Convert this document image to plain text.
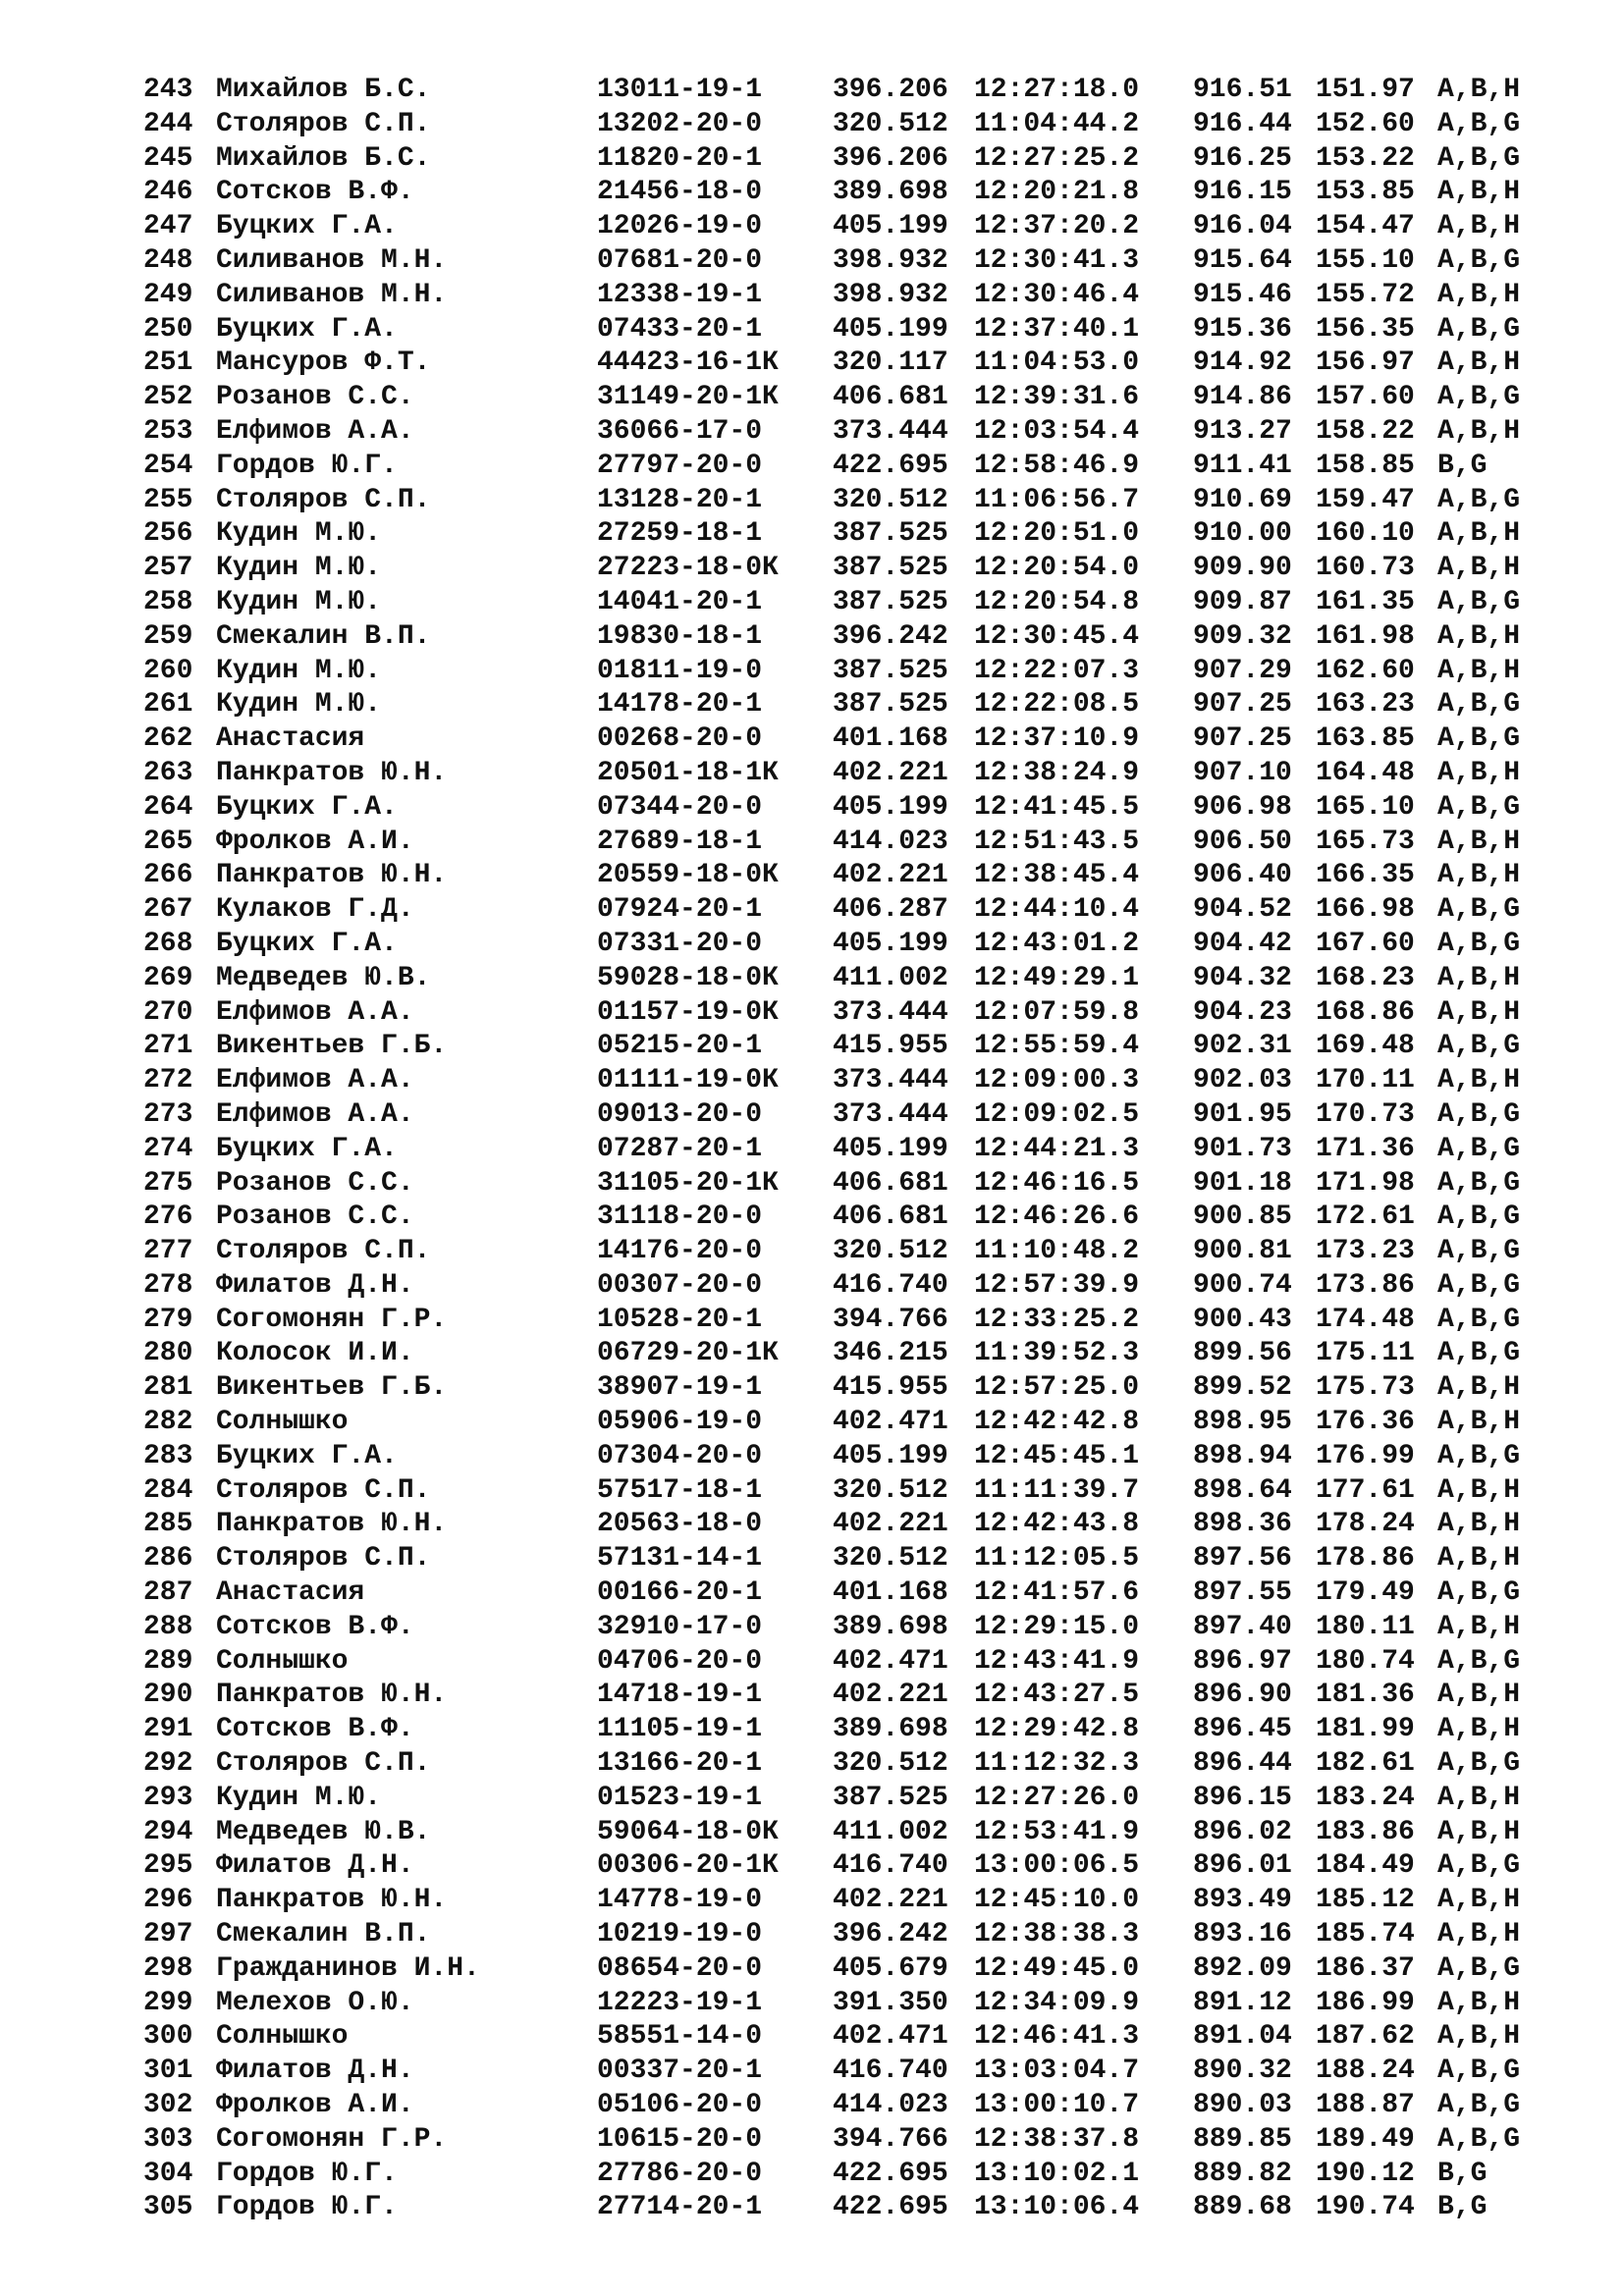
243 Михайлов Б.С.	13011-19-1	396.206 12:27:18.0 916.51 151.97 A,B,H
244 Столяров С.П.	13202-20-0	320.512 11:04:44.2 916.44 152.60 A,B,G
245 Михайлов Б.С.	11820-20-1	396.206 12:27:25.2 916.25 153.22 A,B,G
246 Сотсков В.Ф.	21456-18-0	389.698 12:20:21.8 916.15 153.85 A,B,H
247 Буцких Г.А.	12026-19-0	405.199 12:37:20.2 916.04 154.47 A,B,H
248 Силиванов М.Н.	07681-20-0	398.932 12:30:41.3 915.64 155.10 A,B,G
249 Силиванов М.Н.	12338-19-1	398.932 12:30:46.4 915.46 155.72 A,B,H
250 Буцких Г.А.	07433-20-1	405.199 12:37:40.1 915.36 156.35 A,B,G
251 Мансуров Ф.Т.	44423-16-1К 320.117 11:04:53.0 914.92 156.97 A,B,H
252 Розанов С.С.	31149-20-1К 406.681 12:39:31.6 914.86 157.60 A,B,G
253 Елфимов А.А.	36066-17-0	373.444 12:03:54.4 913.27 158.22 A,B,H
254 Гордов Ю.Г.	27797-20-0	422.695 12:58:46.9 911.41 158.85 B,G
255 Столяров С.П.	13128-20-1	320.512 11:06:56.7 910.69 159.47 A,B,G
256 Кудин М.Ю.	27259-18-1	387.525 12:20:51.0 910.00 160.10 A,B,H
257 Кудин М.Ю.	27223-18-0К 387.525 12:20:54.0 909.90 160.73 A,B,H
258 Кудин М.Ю.	14041-20-1	387.525 12:20:54.8 909.87 161.35 A,B,G
259 Смекалин В.П.	19830-18-1	396.242 12:30:45.4 909.32 161.98 A,B,H
260 Кудин М.Ю.	01811-19-0	387.525 12:22:07.3 907.29 162.60 A,B,H
261 Кудин М.Ю.	14178-20-1	387.525 12:22:08.5 907.25 163.23 A,B,G
262 Анастасия	00268-20-0	401.168 12:37:10.9 907.25 163.85 A,B,G
263 Панкратов Ю.Н.	20501-18-1К 402.221 12:38:24.9 907.10 164.48 A,B,H
264 Буцких Г.А.	07344-20-0	405.199 12:41:45.5 906.98 165.10 A,B,G
265 Фролков А.И.	27689-18-1	414.023 12:51:43.5 906.50 165.73 A,B,H
266 Панкратов Ю.Н.	20559-18-0К 402.221 12:38:45.4 906.40 166.35 A,B,H
267 Кулаков Г.Д.	07924-20-1	406.287 12:44:10.4 904.52 166.98 A,B,G
268 Буцких Г.А.	07331-20-0	405.199 12:43:01.2 904.42 167.60 A,B,G
269 Медведев Ю.В.	59028-18-0К 411.002 12:49:29.1 904.32 168.23 A,B,H
270 Елфимов А.А.	01157-19-0К 373.444 12:07:59.8 904.23 168.86 A,B,H
271 Викентьев Г.Б.	05215-20-1	415.955 12:55:59.4 902.31 169.48 A,B,G
272 Елфимов А.А.	01111-19-0К 373.444 12:09:00.3 902.03 170.11 A,B,H
273 Елфимов А.А.	09013-20-0	373.444 12:09:02.5 901.95 170.73 A,B,G
274 Буцких Г.А.	07287-20-1	405.199 12:44:21.3 901.73 171.36 A,B,G
275 Розанов С.С.	31105-20-1К 406.681 12:46:16.5 901.18 171.98 A,B,G
276 Розанов С.С.	31118-20-0	406.681 12:46:26.6 900.85 172.61 A,B,G
277 Столяров С.П.	14176-20-0	320.512 11:10:48.2 900.81 173.23 A,B,G
278 Филатов Д.Н.	00307-20-0	416.740 12:57:39.9 900.74 173.86 A,B,G
279 Согомонян Г.Р.	10528-20-1	394.766 12:33:25.2 900.43 174.48 A,B,G
280 Колосок И.И.	06729-20-1К 346.215 11:39:52.3 899.56 175.11 A,B,G
281 Викентьев Г.Б.	38907-19-1	415.955 12:57:25.0 899.52 175.73 A,B,H
282 Солнышко	05906-19-0	402.471 12:42:42.8 898.95 176.36 A,B,H
283 Буцких Г.А.	07304-20-0	405.199 12:45:45.1 898.94 176.99 A,B,G
284 Столяров С.П.	57517-18-1	320.512 11:11:39.7 898.64 177.61 A,B,H
285 Панкратов Ю.Н.	20563-18-0	402.221 12:42:43.8 898.36 178.24 A,B,H
286 Столяров С.П.	57131-14-1	320.512 11:12:05.5 897.56 178.86 A,B,H
287 Анастасия	00166-20-1	401.168 12:41:57.6 897.55 179.49 A,B,G
288 Сотсков В.Ф.	32910-17-0	389.698 12:29:15.0 897.40 180.11 A,B,H
289 Солнышко	04706-20-0	402.471 12:43:41.9 896.97 180.74 A,B,G
290 Панкратов Ю.Н.	14718-19-1	402.221 12:43:27.5 896.90 181.36 A,B,H
291 Сотсков В.Ф.	11105-19-1	389.698 12:29:42.8 896.45 181.99 A,B,H
292 Столяров С.П.	13166-20-1	320.512 11:12:32.3 896.44 182.61 A,B,G
293 Кудин М.Ю.	01523-19-1	387.525 12:27:26.0 896.15 183.24 A,B,H
294 Медведев Ю.В.	59064-18-0К 411.002 12:53:41.9 896.02 183.86 A,B,H
295 Филатов Д.Н.	00306-20-1К 416.740 13:00:06.5 896.01 184.49 A,B,G
296 Панкратов Ю.Н.	14778-19-0	402.221 12:45:10.0 893.49 185.12 A,B,H
297 Смекалин В.П.	10219-19-0	396.242 12:38:38.3 893.16 185.74 A,B,H
298 Гражданинов И.Н.	08654-20-0	405.679 12:49:45.0 892.09 186.37 A,B,G
299 Мелехов О.Ю.	12223-19-1	391.350 12:34:09.9 891.12 186.99 A,B,H
300 Солнышко	58551-14-0	402.471 12:46:41.3 891.04 187.62 A,B,H
301 Филатов Д.Н.	00337-20-1	416.740 13:03:04.7 890.32 188.24 A,B,G
302 Фролков А.И.	05106-20-0	414.023 13:00:10.7 890.03 188.87 A,B,G
303 Согомонян Г.Р.	10615-20-0	394.766 12:38:37.8 889.85 189.49 A,B,G
304 Гордов Ю.Г.	27786-20-0	422.695 13:10:02.1 889.82 190.12 B,G
305 Гордов Ю.Г.	27714-20-1	422.695 13:10:06.4 889.68 190.74 B,G
